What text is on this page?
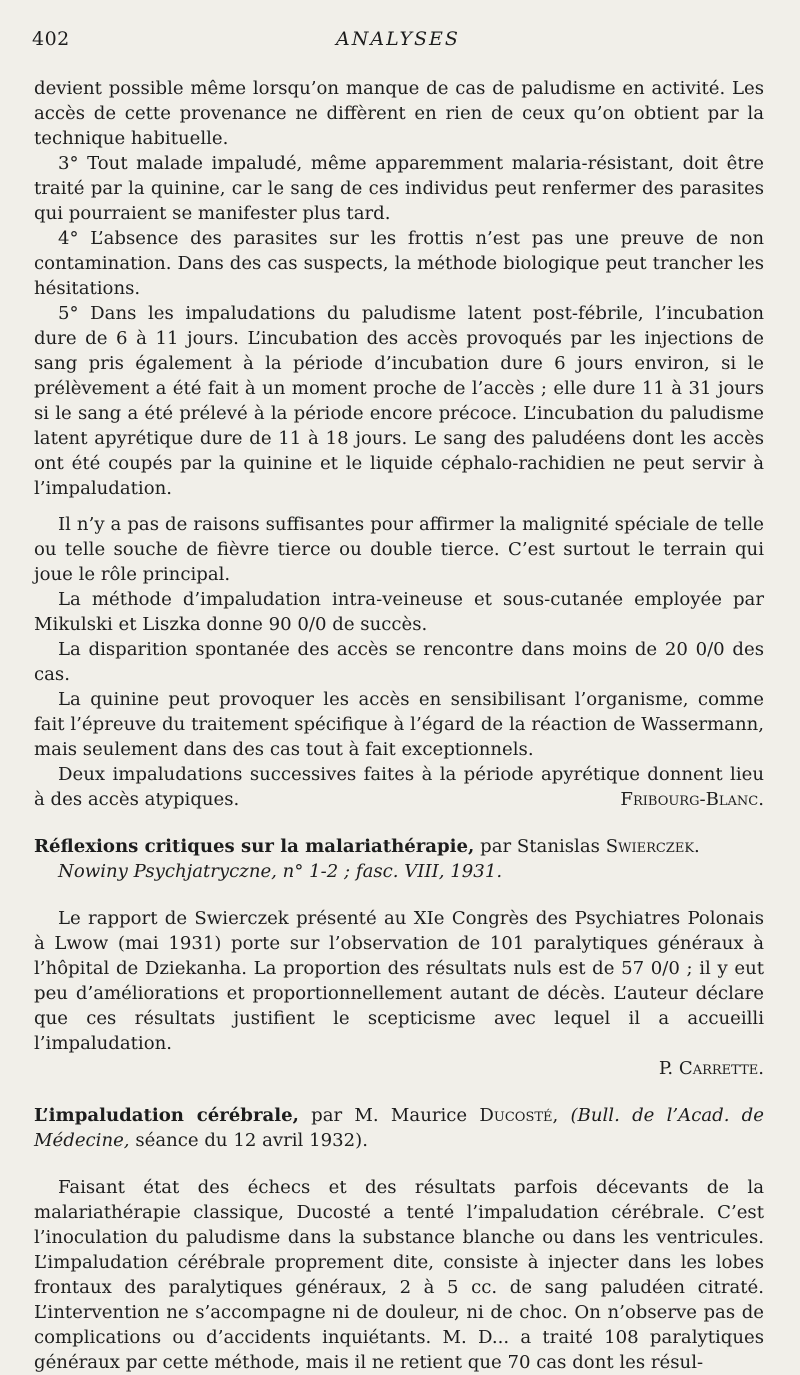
402	ANALYSES

devient possible même lorsqu’on manque de cas de paludisme en activité. Les accès de cette provenance ne diffèrent en rien de ceux qu’on obtient par la technique habituelle.

3° Tout malade impaludé, même apparemment malaria-résistant, doit être traité par la quinine, car le sang de ces individus peut renfermer des parasites qui pourraient se manifester plus tard.

4° L’absence des parasites sur les frottis n’est pas une preuve de non contamination. Dans des cas suspects, la méthode biologique peut trancher les hésitations.

5° Dans les impaludations du paludisme latent post-fébrile, l’incubation dure de 6 à 11 jours. L’incubation des accès provoqués par les injections de sang pris également à la période d’incubation dure 6 jours environ, si le prélèvement a été fait à un moment proche de l’accès ; elle dure 11 à 31 jours si le sang a été prélevé à la période encore précoce. L’incubation du paludisme latent apyrétique dure de 11 à 18 jours. Le sang des paludéens dont les accès ont été coupés par la quinine et le liquide céphalo-rachidien ne peut servir à l’impaludation.

Il n’y a pas de raisons suffisantes pour affirmer la malignité spéciale de telle ou telle souche de fièvre tierce ou double tierce. C’est surtout le terrain qui joue le rôle principal.

La méthode d’impaludation intra-veineuse et sous-cutanée employée par Mikulski et Liszka donne 90 0/0 de succès.

La disparition spontanée des accès se rencontre dans moins de 20 0/0 des cas.

La quinine peut provoquer les accès en sensibilisant l’organisme, comme fait l’épreuve du traitement spécifique à l’égard de la réaction de Wassermann, mais seulement dans des cas tout à fait exceptionnels.

Deux impaludations successives faites à la période apyrétique donnent lieu à des accès atypiques.	Fribourg-Blanc.

Réflexions critiques sur la malariathérapie, par Stanislas Swierczek.

Nowiny Psychjatryczne, n° 1-2 ; fasc. VIII, 1931.

Le rapport de Swierczek présenté au XIe Congrès des Psychiatres Polonais à Lwow (mai 1931) porte sur l’observation de 101 paralytiques généraux à l’hôpital de Dziekanha. La proportion des résultats nuls est de 57 0/0 ; il y eut peu d’améliorations et proportionnellement autant de décès. L’auteur déclare que ces résultats justifient le scepticisme avec lequel il a accueilli l’impaludation.

P. Carrette.

L’impaludation cérébrale, par M. Maurice Ducosté, (Bull. de l’Acad. de Médecine, séance du 12 avril 1932).

Faisant état des échecs et des résultats parfois décevants de la malariathérapie classique, Ducosté a tenté l’impaludation cérébrale. C’est l’inoculation du paludisme dans la substance blanche ou dans les ventricules. L’impaludation cérébrale proprement dite, consiste à injecter dans les lobes frontaux des paralytiques généraux, 2 à 5 cc. de sang paludéen citraté. L’intervention ne s’accompagne ni de douleur, ni de choc. On n’observe pas de complications ou d’accidents inquiétants. M. D... a traité 108 paralytiques généraux par cette méthode, mais il ne retient que 70 cas dont les résul-
